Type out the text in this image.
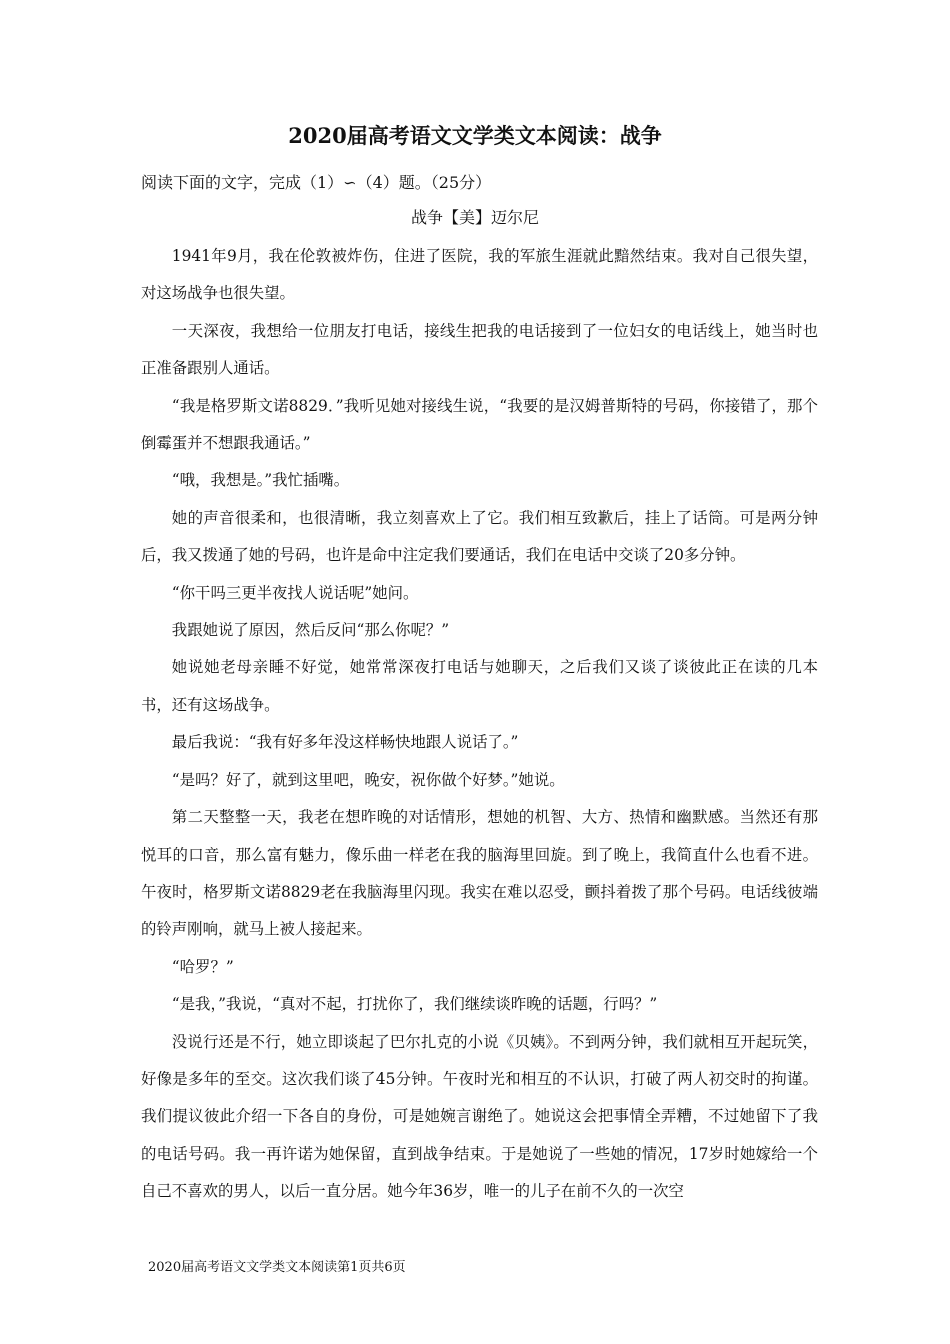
2020届高考语文文学类文本阅读：战争
阅读下面的文字，完成（1）∽（4）题。（25分）
战争【美】迈尔尼

1941年9月，我在伦敦被炸伤，住进了医院，我的军旅生涯就此黯然结束。我对自己很失望，对这场战争也很失望。

一天深夜，我想给一位朋友打电话，接线生把我的电话接到了一位妇女的电话线上，她当时也正准备跟别人通话。

“我是格罗斯文诺8829．”我听见她对接线生说，“我要的是汉姆普斯特的号码，你接错了，那个倒霉蛋并不想跟我通话。”

“哦，我想是。”我忙插嘴。

她的声音很柔和，也很清晰，我立刻喜欢上了它。我们相互致歉后，挂上了话筒。可是两分钟后，我又拨通了她的号码，也许是命中注定我们要通话，我们在电话中交谈了20多分钟。

“你干吗三更半夜找人说话呢”她问。

我跟她说了原因，然后反问“那么你呢？”

她说她老母亲睡不好觉，她常常深夜打电话与她聊天，之后我们又谈了谈彼此正在读的几本书，还有这场战争。

最后我说：“我有好多年没这样畅快地跟人说话了。”

“是吗？好了，就到这里吧，晚安，祝你做个好梦。”她说。

第二天整整一天，我老在想昨晚的对话情形，想她的机智、大方、热情和幽默感。当然还有那悦耳的口音，那么富有魅力，像乐曲一样老在我的脑海里回旋。到了晚上，我简直什么也看不进。午夜时，格罗斯文诺8829老在我脑海里闪现。我实在难以忍受，颤抖着拨了那个号码。电话线彼端的铃声刚响，就马上被人接起来。

“哈罗？”

“是我，”我说，“真对不起，打扰你了，我们继续谈昨晚的话题，行吗？”

没说行还是不行，她立即谈起了巴尔扎克的小说《贝姨》。不到两分钟，我们就相互开起玩笑，好像是多年的至交。这次我们谈了45分钟。午夜时光和相互的不认识，打破了两人初交时的拘谨。我们提议彼此介绍一下各自的身份，可是她婉言谢绝了。她说这会把事情全弄糟，不过她留下了我的电话号码。我一再许诺为她保留，直到战争结束。于是她说了一些她的情况，17岁时她嫁给一个自己不喜欢的男人，以后一直分居。她今年36岁，唯一的儿子在前不久的一次空

2020届高考语文文学类文本阅读第1页共6页
